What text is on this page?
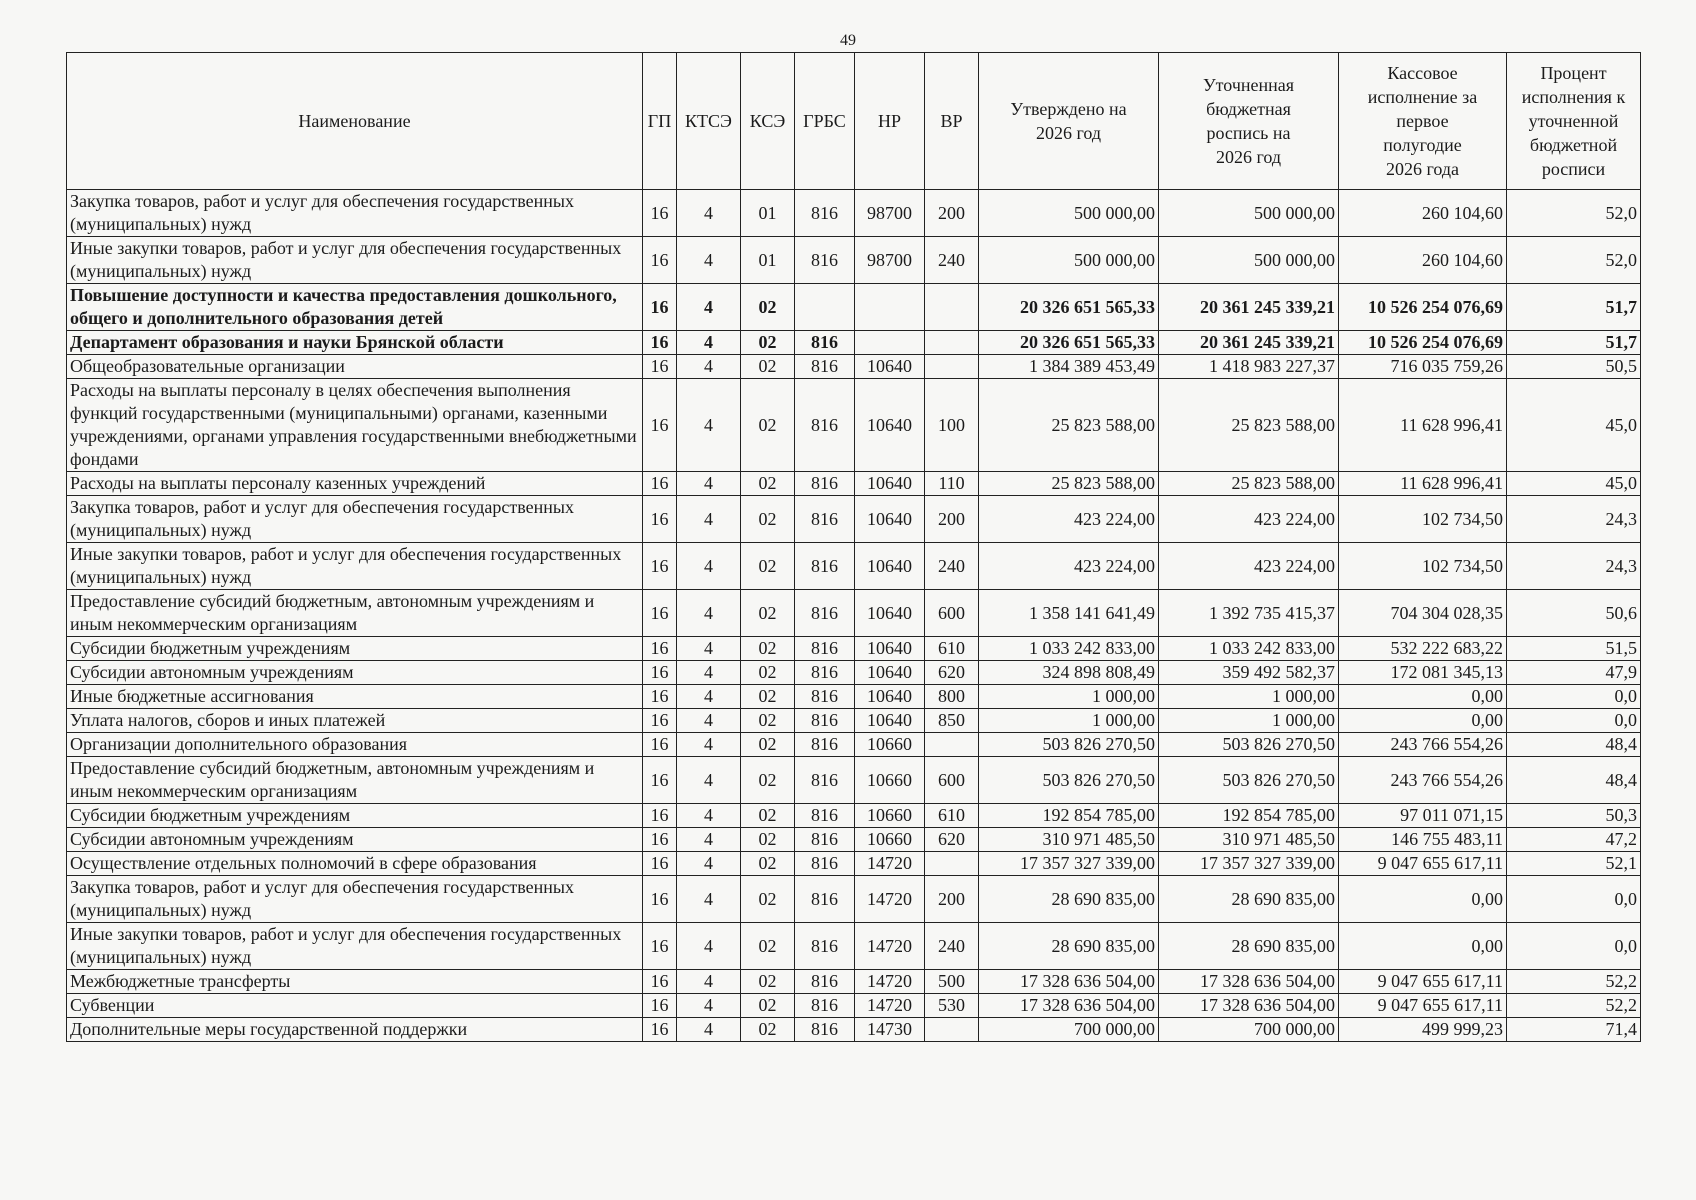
49
Наименование	ГП	КТСЭ	КСЭ	ГРБС	НР	ВР	Утверждено на 2026 год	Уточненная бюджетная роспись на 2026 год	Кассовое исполнение за первое полугодие 2026 года	Процент исполнения к уточненной бюджетной росписи
Закупка товаров, работ и услуг для обеспечения государственных (муниципальных) нужд	16	4	01	816	98700	200	500 000,00	500 000,00	260 104,60	52,0
Иные закупки товаров, работ и услуг для обеспечения государственных (муниципальных) нужд	16	4	01	816	98700	240	500 000,00	500 000,00	260 104,60	52,0
Повышение доступности и качества предоставления дошкольного, общего и дополнительного образования детей	16	4	02				20 326 651 565,33	20 361 245 339,21	10 526 254 076,69	51,7
Департамент образования и науки Брянской области	16	4	02	816			20 326 651 565,33	20 361 245 339,21	10 526 254 076,69	51,7
Общеобразовательные организации	16	4	02	816	10640		1 384 389 453,49	1 418 983 227,37	716 035 759,26	50,5
Расходы на выплаты персоналу в целях обеспечения выполнения функций государственными (муниципальными) органами, казенными учреждениями, органами управления государственными внебюджетными фондами	16	4	02	816	10640	100	25 823 588,00	25 823 588,00	11 628 996,41	45,0
Расходы на выплаты персоналу казенных учреждений	16	4	02	816	10640	110	25 823 588,00	25 823 588,00	11 628 996,41	45,0
Закупка товаров, работ и услуг для обеспечения государственных (муниципальных) нужд	16	4	02	816	10640	200	423 224,00	423 224,00	102 734,50	24,3
Иные закупки товаров, работ и услуг для обеспечения государственных (муниципальных) нужд	16	4	02	816	10640	240	423 224,00	423 224,00	102 734,50	24,3
Предоставление субсидий бюджетным, автономным учреждениям и иным некоммерческим организациям	16	4	02	816	10640	600	1 358 141 641,49	1 392 735 415,37	704 304 028,35	50,6
Субсидии бюджетным учреждениям	16	4	02	816	10640	610	1 033 242 833,00	1 033 242 833,00	532 222 683,22	51,5
Субсидии автономным учреждениям	16	4	02	816	10640	620	324 898 808,49	359 492 582,37	172 081 345,13	47,9
Иные бюджетные ассигнования	16	4	02	816	10640	800	1 000,00	1 000,00	0,00	0,0
Уплата налогов, сборов и иных платежей	16	4	02	816	10640	850	1 000,00	1 000,00	0,00	0,0
Организации дополнительного образования	16	4	02	816	10660		503 826 270,50	503 826 270,50	243 766 554,26	48,4
Предоставление субсидий бюджетным, автономным учреждениям и иным некоммерческим организациям	16	4	02	816	10660	600	503 826 270,50	503 826 270,50	243 766 554,26	48,4
Субсидии бюджетным учреждениям	16	4	02	816	10660	610	192 854 785,00	192 854 785,00	97 011 071,15	50,3
Субсидии автономным учреждениям	16	4	02	816	10660	620	310 971 485,50	310 971 485,50	146 755 483,11	47,2
Осуществление отдельных полномочий в сфере образования	16	4	02	816	14720		17 357 327 339,00	17 357 327 339,00	9 047 655 617,11	52,1
Закупка товаров, работ и услуг для обеспечения государственных (муниципальных) нужд	16	4	02	816	14720	200	28 690 835,00	28 690 835,00	0,00	0,0
Иные закупки товаров, работ и услуг для обеспечения государственных (муниципальных) нужд	16	4	02	816	14720	240	28 690 835,00	28 690 835,00	0,00	0,0
Межбюджетные трансферты	16	4	02	816	14720	500	17 328 636 504,00	17 328 636 504,00	9 047 655 617,11	52,2
Субвенции	16	4	02	816	14720	530	17 328 636 504,00	17 328 636 504,00	9 047 655 617,11	52,2
Дополнительные меры государственной поддержки	16	4	02	816	14730		700 000,00	700 000,00	499 999,23	71,4
